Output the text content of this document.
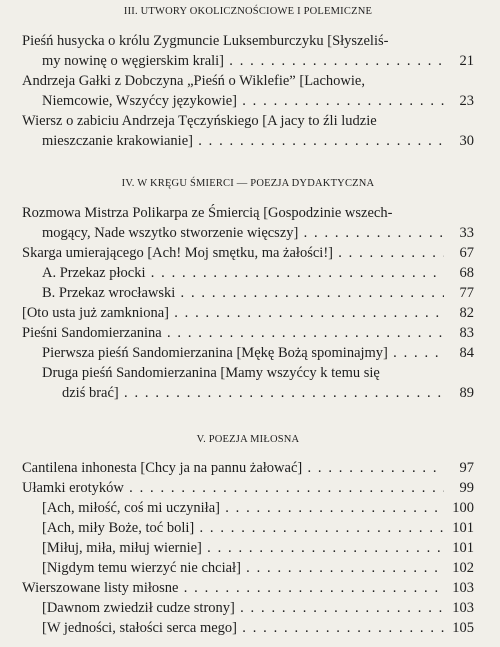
III. UTWORY OKOLICZNOŚCIOWE I POLEMICZNE

Pieśń husycka o królu Zygmuncie Luksemburczyku [Słyszeliś-
my nowinę o węgierskim krali] . . .	21
Andrzeja Gałki z Dobczyna „Pieśń o Wiklefie” [Lachowie,
Niemcowie, Wszyćcy językowie] . . .	23
Wiersz o zabiciu Andrzeja Tęczyńskiego [A jacy to źli ludzie
mieszczanie krakowianie] . . .	30

IV. W KRĘGU ŚMIERCI — POEZJA DYDAKTYCZNA

Rozmowa Mistrza Polikarpa ze Śmiercią [Gospodzinie wszech-
mogący, Nade wszytko stworzenie więcszy] . . .	33
Skarga umierającego [Ach! Moj smętku, ma żałości!] . . .	67
A. Przekaz płocki . . .	68
B. Przekaz wrocławski . . .	77
[Oto usta już zamkniona] . . .	82
Pieśni Sandomierzanina . . .	83
Pierwsza pieśń Sandomierzanina [Mękę Bożą spominajmy] . . .	84
Druga pieśń Sandomierzanina [Mamy wszyćcy k temu się
dziś brać] . . .	89

V. POEZJA MIŁOSNA

Cantilena inhonesta [Chcy ja na pannu żałować] . . .	97
Ułamki erotyków . . .	99
[Ach, miłość, coś mi uczyniła] . . .	100
[Ach, miły Boże, toć boli] . . .	101
[Miłuj, miła, miłuj wiernie] . . .	101
[Nigdym temu wierzyć nie chciał] . . .	102
Wierszowane listy miłosne . . .	103
[Dawnom zwiedził cudze strony] . . .	103
[W jedności, stałości serca mego] . . .	105
